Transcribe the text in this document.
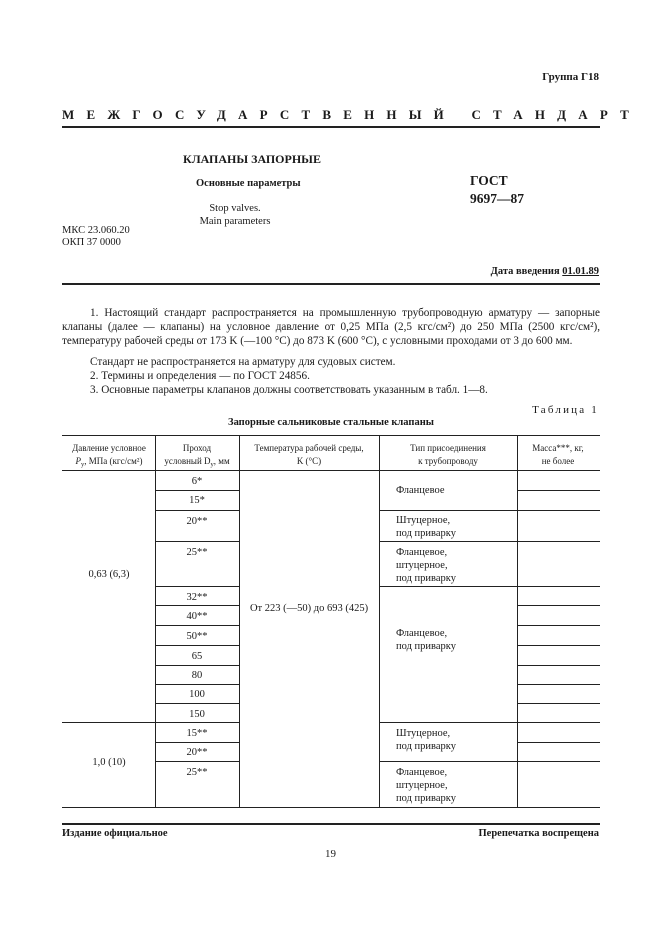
Группа Г18
МЕЖГОСУДАРСТВЕННЫЙ СТАНДАРТ
КЛАПАНЫ ЗАПОРНЫЕ
Основные параметры
Stop valves.
Main parameters
ГОСТ
9697—87
МКС 23.060.20
ОКП 37 0000
Дата введения 01.01.89
1. Настоящий стандарт распространяется на промышленную трубопроводную арматуру — запорные клапаны (далее — клапаны) на условное давление от 0,25 МПа (2,5 кгс/см²) до 250 МПа (2500 кгс/см²), температуру рабочей среды от 173 K (—100 °С) до 873 K (600 °С), с условными проходами от 3 до 600 мм.
Стандарт не распространяется на арматуру для судовых систем.
2. Термины и определения — по ГОСТ 24856.
3. Основные параметры клапанов должны соответствовать указанным в табл. 1—8.
Таблица 1
Запорные сальниковые стальные клапаны
Давление условное
$P_y$, МПа (кгс/см²)
Проход
условный $D_y$, мм
Температура рабочей среды,
K (°С)
Тип присоединения
к трубопроводу
Масса***, кг,
не более
0,63 (6,3)
1,0 (10)
6*
15*
20**
25**
32**
40**
50**
65
80
100
150
15**
20**
25**
От 223 (—50) до 693 (425)
Фланцевое
Штуцерное,
под приварку
Фланцевое,
штуцерное,
под приварку
Фланцевое,
под приварку
Штуцерное,
под приварку
Фланцевое,
штуцерное,
под приварку
Издание официальное	Перепечатка воспрещена
19
